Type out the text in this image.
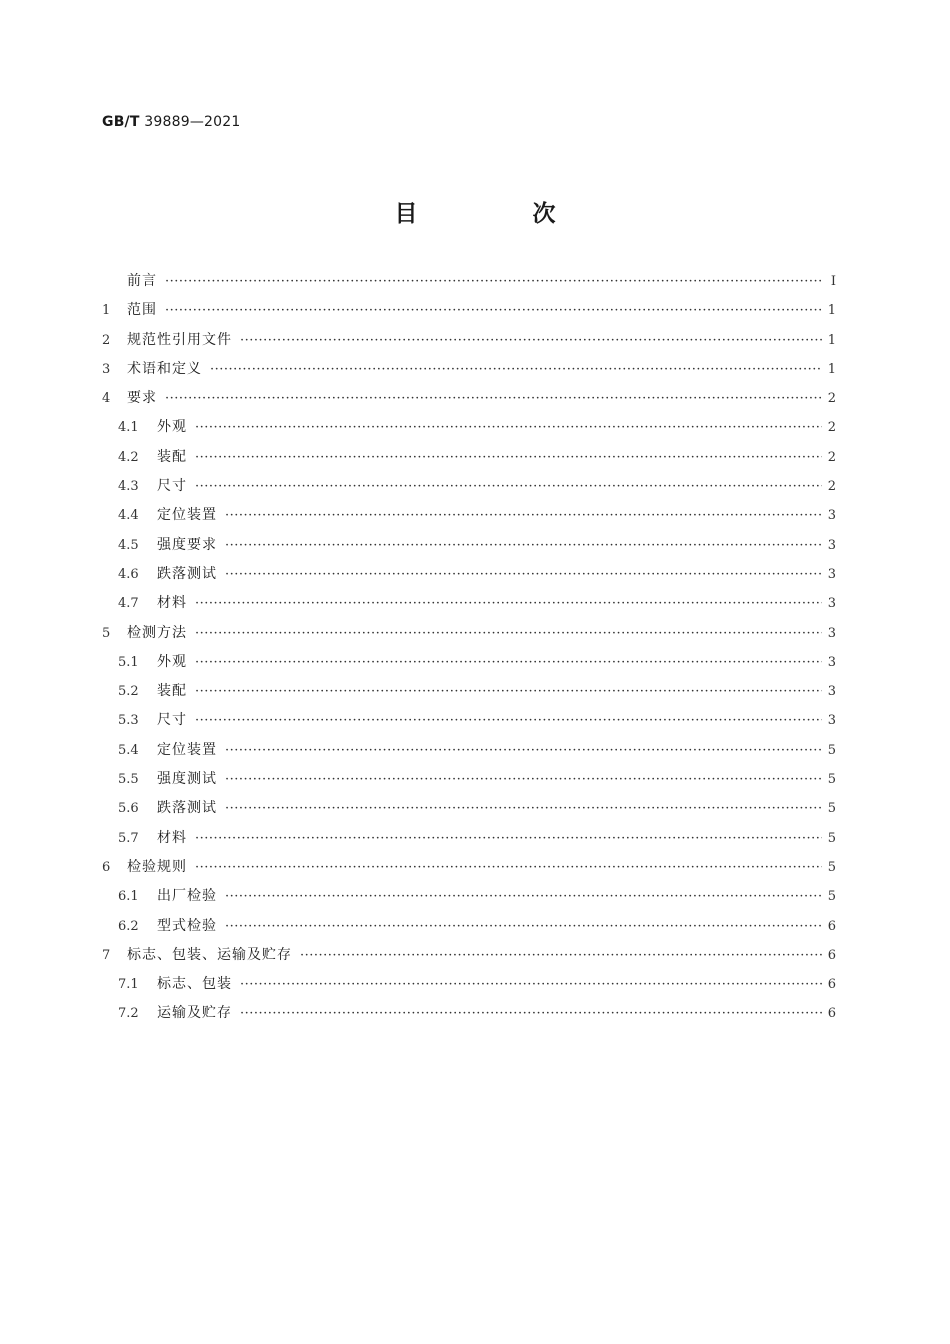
GB/T 39889—2021
目　次
前言 ·····	Ⅰ
1	范围 ·····	1
2	规范性引用文件 ·····	1
3	术语和定义 ·····	1
4	要求 ·····	2
4.1	外观 ·····	2
4.2	装配 ·····	2
4.3	尺寸 ·····	2
4.4	定位装置 ·····	3
4.5	强度要求 ·····	3
4.6	跌落测试 ·····	3
4.7	材料 ·····	3
5	检测方法 ·····	3
5.1	外观 ·····	3
5.2	装配 ·····	3
5.3	尺寸 ·····	3
5.4	定位装置 ·····	5
5.5	强度测试 ·····	5
5.6	跌落测试 ·····	5
5.7	材料 ·····	5
6	检验规则 ·····	5
6.1	出厂检验 ·····	5
6.2	型式检验 ·····	6
7	标志、包装、运输及贮存 ·····	6
7.1	标志、包装 ·····	6
7.2	运输及贮存 ·····	6
